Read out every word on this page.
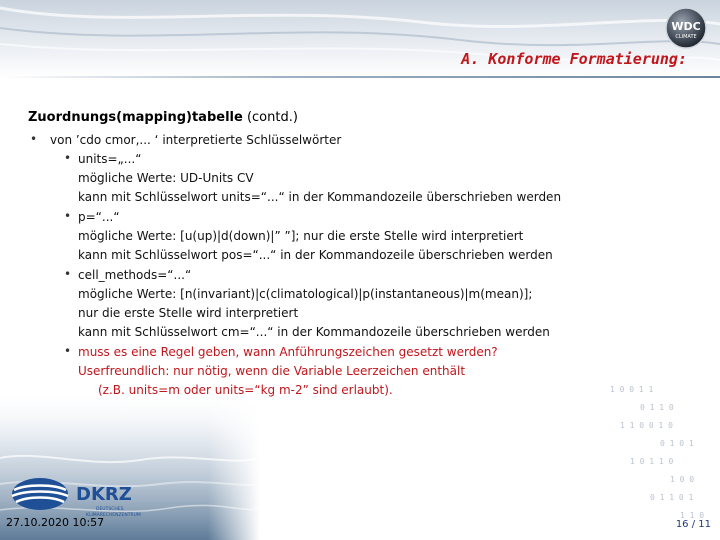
WDC
CLIMATE
A. Konforme Formatierung:
1 0 0 1 1
0 1 1 0
1 1 0 0 1 0
0 1 0 1
1 0 1 1 0
1 0 0
0 1 1 0 1
1 1 0
Zuordnungs(mapping)tabelle (contd.)
• von ’cdo cmor,... ‘ interpretierte Schlüsselwörter
• units=„...“
mögliche Werte: UD-Units CV
kann mit Schlüsselwort units=“...“ in der Kommandozeile überschrieben werden
• p=“...“
mögliche Werte: [u(up)|d(down)|” ”]; nur die erste Stelle wird interpretiert
kann mit Schlüsselwort pos=“...“ in der Kommandozeile überschrieben werden
• cell_methods=“...“
mögliche Werte: [n(invariant)|c(climatological)|p(instantaneous)|m(mean)];
nur die erste Stelle wird interpretiert
kann mit Schlüsselwort cm=“...“ in der Kommandozeile überschrieben werden
• muss es eine Regel geben, wann Anführungszeichen gesetzt werden?
Userfreundlich: nur nötig, wenn die Variable Leerzeichen enthält
(z.B. units=m oder units=“kg m-2” sind erlaubt).
DKRZ
DEUTSCHES
KLIMARECHENZENTRUM
27.10.2020 10:57	16 / 11
